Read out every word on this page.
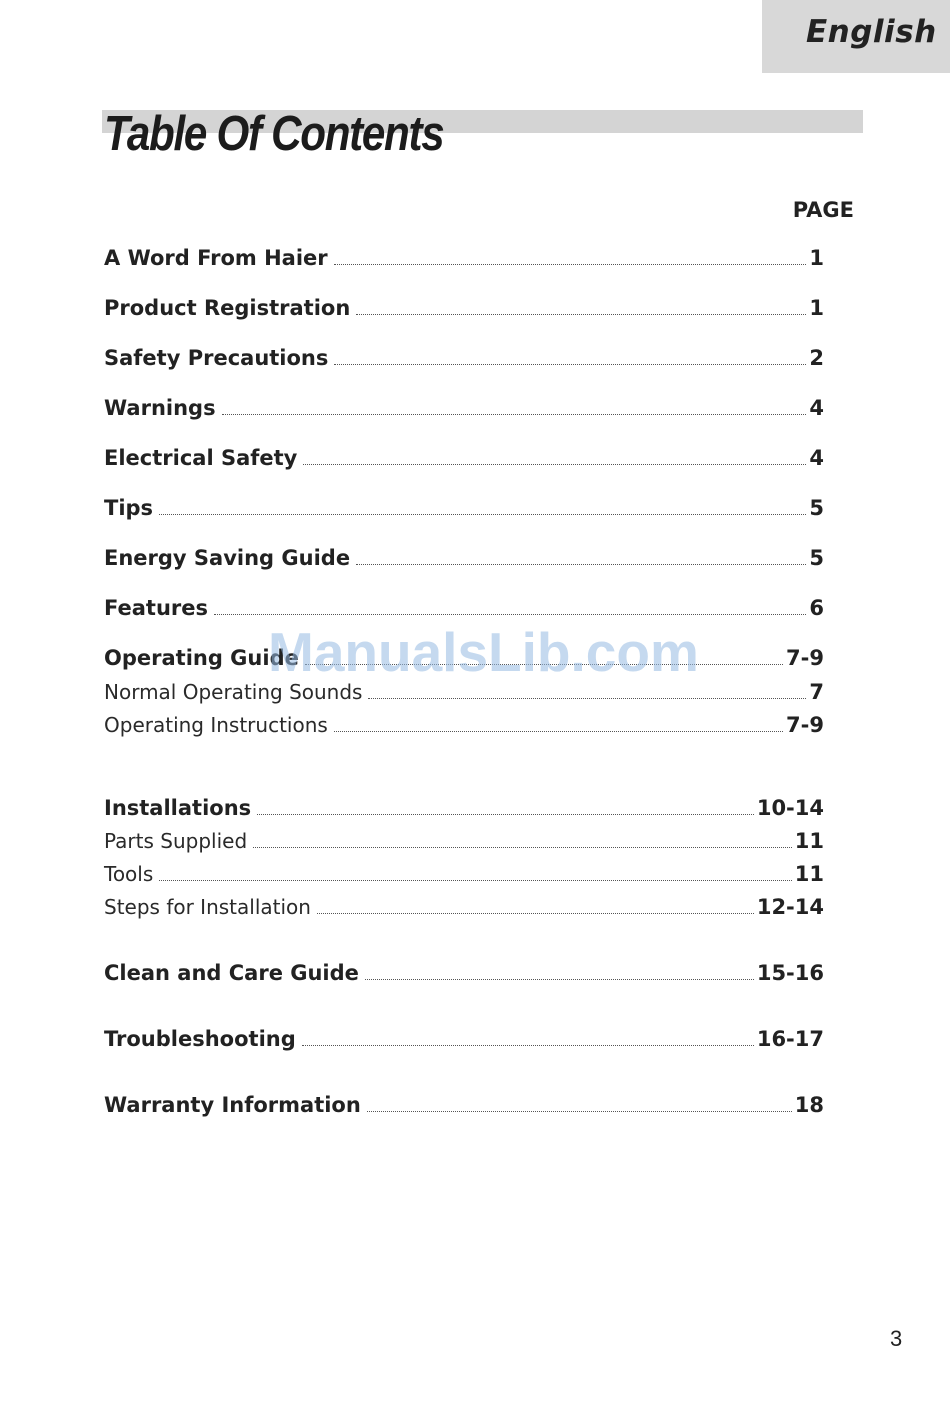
English
Table Of Contents
PAGE
A Word From Haier	1
Product Registration	1
Safety Precautions	2
Warnings	4
Electrical Safety	4
Tips	5
Energy Saving Guide	5
Features	6
Operating Guide	7-9
Normal Operating Sounds	7
Operating Instructions	7-9
Installations	10-14
Parts Supplied	11
Tools	11
Steps for Installation	12-14
Clean and Care Guide	15-16
Troubleshooting	16-17
Warranty Information	18
ManualsLib.com
3
